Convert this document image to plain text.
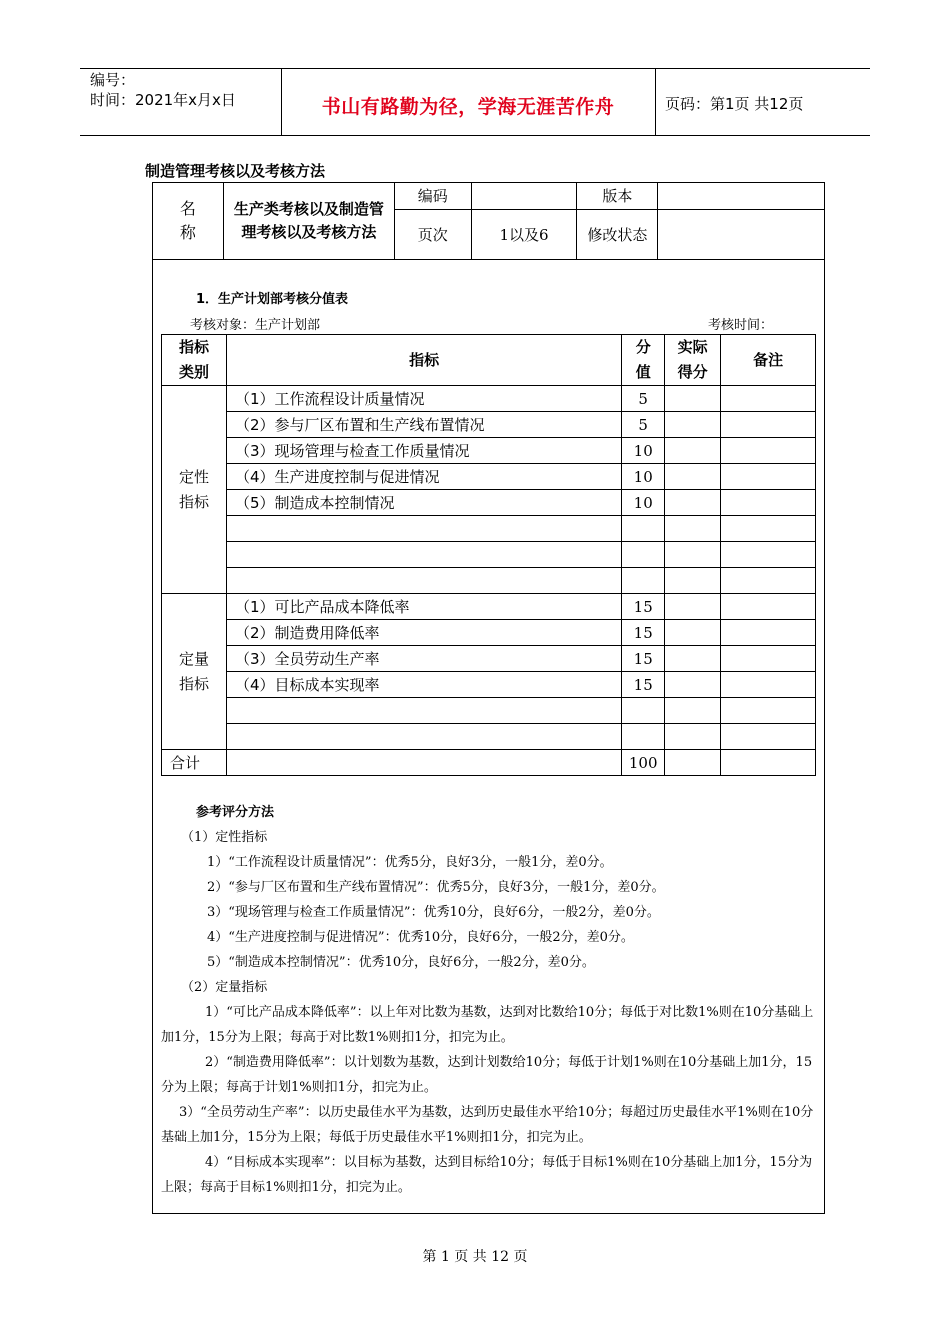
编号：
时间：2021年x月x日	书山有路勤为径，学海无涯苦作舟	页码：第1页 共12页
制造管理考核以及考核方法
名称	生产类考核以及制造管理考核以及考核方法	编码		版本	
		页次	1以及6	修改状态	
1．生产计划部考核分值表
考核对象：生产计划部	考核时间：
指标类别	指标	分值	实际得分	备注
定性指标	（1）工作流程设计质量情况	5		
	（2）参与厂区布置和生产线布置情况	5		
	（3）现场管理与检查工作质量情况	10		
	（4）生产进度控制与促进情况	10		
	（5）制造成本控制情况	10		

定量指标	（1）可比产品成本降低率	15		
	（2）制造费用降低率	15		
	（3）全员劳动生产率	15		
	（4）目标成本实现率	15		

合计		100		

参考评分方法

（1）定性指标

1）“工作流程设计质量情况”：优秀5分，良好3分，一般1分，差0分。

2）“参与厂区布置和生产线布置情况”：优秀5分，良好3分，一般1分，差0分。

3）“现场管理与检查工作质量情况”：优秀10分，良好6分，一般2分，差0分。

4）“生产进度控制与促进情况”：优秀10分，良好6分，一般2分，差0分。

5）“制造成本控制情况”：优秀10分，良好6分，一般2分，差0分。

（2）定量指标

1）“可比产品成本降低率”：以上年对比数为基数，达到对比数给10分；每低于对比数1%则在10分基础上加1分，15分为上限；每高于对比数1%则扣1分，扣完为止。

2）“制造费用降低率”：以计划数为基数，达到计划数给10分；每低于计划1%则在10分基础上加1分，15分为上限；每高于计划1%则扣1分，扣完为止。

3）“全员劳动生产率”：以历史最佳水平为基数，达到历史最佳水平给10分；每超过历史最佳水平1%则在10分基础上加1分，15分为上限；每低于历史最佳水平1%则扣1分，扣完为止。

4）“目标成本实现率”：以目标为基数，达到目标给10分；每低于目标1%则在10分基础上加1分，15分为上限；每高于目标1%则扣1分，扣完为止。

第 1 页 共 12 页
